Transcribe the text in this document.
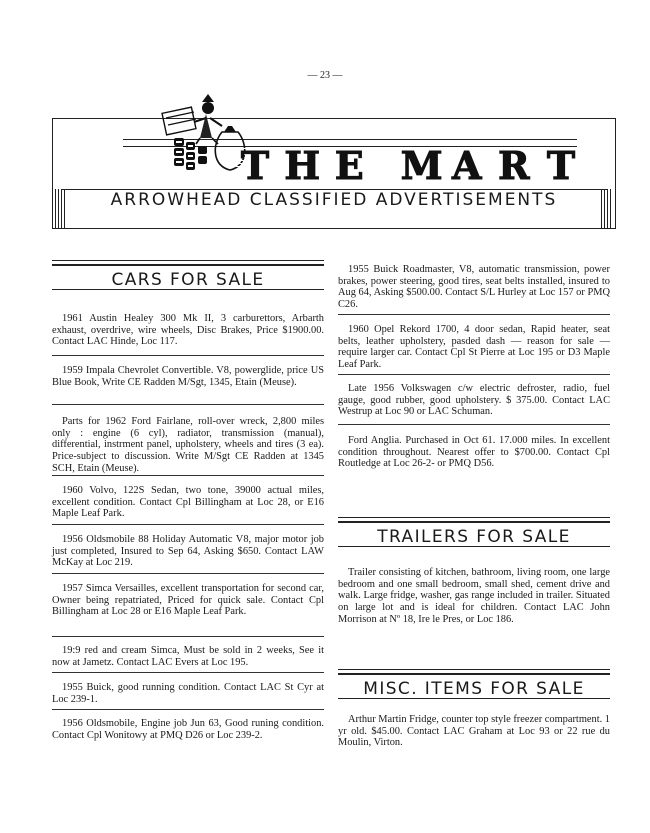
— 23 —
T H E M A R T
ARROWHEAD CLASSIFIED ADVERTISEMENTS
CARS FOR SALE

1961 Austin Healey 300 Mk II, 3 carburettors, Arbarth exhaust, overdrive, wire wheels, Disc Brakes, Price $1900.00. Contact LAC Hinde, Loc 117.

1959 Impala Chevrolet Convertible. V8, powerglide, price US Blue Book, Write CE Radden M/Sgt, 1345, Etain (Meuse).

Parts for 1962 Ford Fairlane, roll-over wreck, 2,800 miles only : engine (6 cyl), radiator, transmission (manual), differential, instrment panel, upholstery, wheels and tires (3 ea). Price-subject to discussion. Write M/Sgt CE Radden at 1345 SCH, Etain (Meuse).

1960 Volvo, 122S Sedan, two tone, 39000 actual miles, excellent condition. Contact Cpl Billingham at Loc 28, or E16 Maple Leaf Park.

1956 Oldsmobile 88 Holiday Automatic V8, major motor job just completed, Insured to Sep 64, Asking $650. Contact LAW McKay at Loc 219.

1957 Simca Versailles, excellent transportation for second car, Owner being repatriated, Priced for quick sale. Contact Cpl Billingham at Loc 28 or E16 Maple Leaf Park.

19:9 red and cream Simca, Must be sold in 2 weeks, See it now at Jametz. Contact LAC Evers at Loc 195.

1955 Buick, good running condition. Contact LAC St Cyr at Loc 239-1.

1956 Oldsmobile, Engine job Jun 63, Good runing condition. Contact Cpl Wonitowy at PMQ D26 or Loc 239-2.

1955 Buick Roadmaster, V8, automatic transmission, power brakes, power steering, good tires, seat belts installed, insured to Aug 64, Asking $500.00. Contact S/L Hurley at Loc 157 or PMQ C26.

1960 Opel Rekord 1700, 4 door sedan, Rapid heater, seat belts, leather upholstery, pasded dash — reason for sale — require larger car. Contact Cpl St Pierre at Loc 195 or D3 Maple Leaf Park.

Late 1956 Volkswagen c/w electric defroster, radio, fuel gauge, good rubber, good upholstery. $ 375.00. Contact LAC Westrup at Loc 90 or LAC Schuman.

Ford Anglia. Purchased in Oct 61. 17.000 miles. In excellent condition throughout. Nearest offer to $700.00. Contact Cpl Routledge at Loc 26-2- or PMQ D56.

TRAILERS FOR SALE

Trailer consisting of kitchen, bathroom, living room, one large bedroom and one small bedroom, small shed, cement drive and walk. Large fridge, washer, gas range included in trailer. Situated on large lot and is ideal for children. Contact LAC John Morrison at Nº 18, Ire le Pres, or Loc 186.

MISC. ITEMS FOR SALE

Arthur Martin Fridge, counter top style freezer compartment. 1 yr old. $45.00. Contact LAC Graham at Loc 93 or 22 rue du Moulin, Virton.
